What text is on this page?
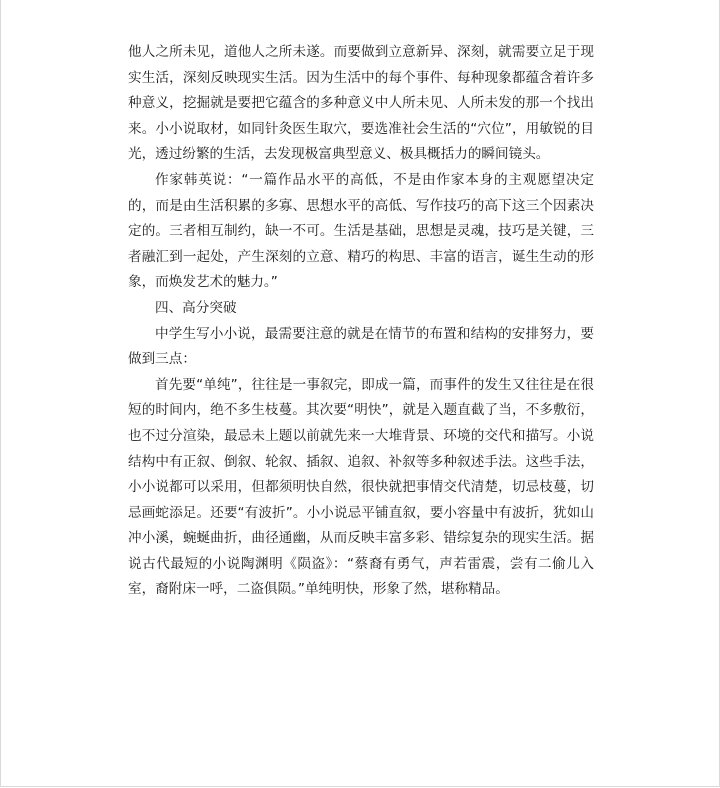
他人之所未见，道他人之所未遂。而要做到立意新异、深刻，就需要立足于现实生活，深刻反映现实生活。因为生活中的每个事件、每种现象都蕴含着许多种意义，挖掘就是要把它蕴含的多种意义中人所未见、人所未发的那一个找出来。小小说取材，如同针灸医生取穴，要选准社会生活的“穴位”，用敏锐的目光，透过纷繁的生活，去发现极富典型意义、极具概括力的瞬间镜头。

作家韩英说：“一篇作品水平的高低，不是由作家本身的主观愿望决定的，而是由生活积累的多寡、思想水平的高低、写作技巧的高下这三个因素决定的。三者相互制约，缺一不可。生活是基础，思想是灵魂，技巧是关键，三者融汇到一起处，产生深刻的立意、精巧的构思、丰富的语言，诞生生动的形象，而焕发艺术的魅力。”

四、高分突破

中学生写小小说，最需要注意的就是在情节的布置和结构的安排努力，要做到三点：

首先要“单纯”，往往是一事叙完，即成一篇，而事件的发生又往往是在很短的时间内，绝不多生枝蔓。其次要“明快”，就是入题直截了当，不多敷衍，也不过分渲染，最忌未上题以前就先来一大堆背景、环境的交代和描写。小说结构中有正叙、倒叙、轮叙、插叙、追叙、补叙等多种叙述手法。这些手法，小小说都可以采用，但都须明快自然，很快就把事情交代清楚，切忌枝蔓，切忌画蛇添足。还要“有波折”。小小说忌平铺直叙，要小容量中有波折，犹如山冲小溪，蜿蜒曲折，曲径通幽，从而反映丰富多彩、错综复杂的现实生活。据说古代最短的小说陶渊明《陨盗》：“蔡裔有勇气，声若雷震，尝有二偷儿入室，裔附床一呼，二盗俱陨。”单纯明快，形象了然，堪称精品。
